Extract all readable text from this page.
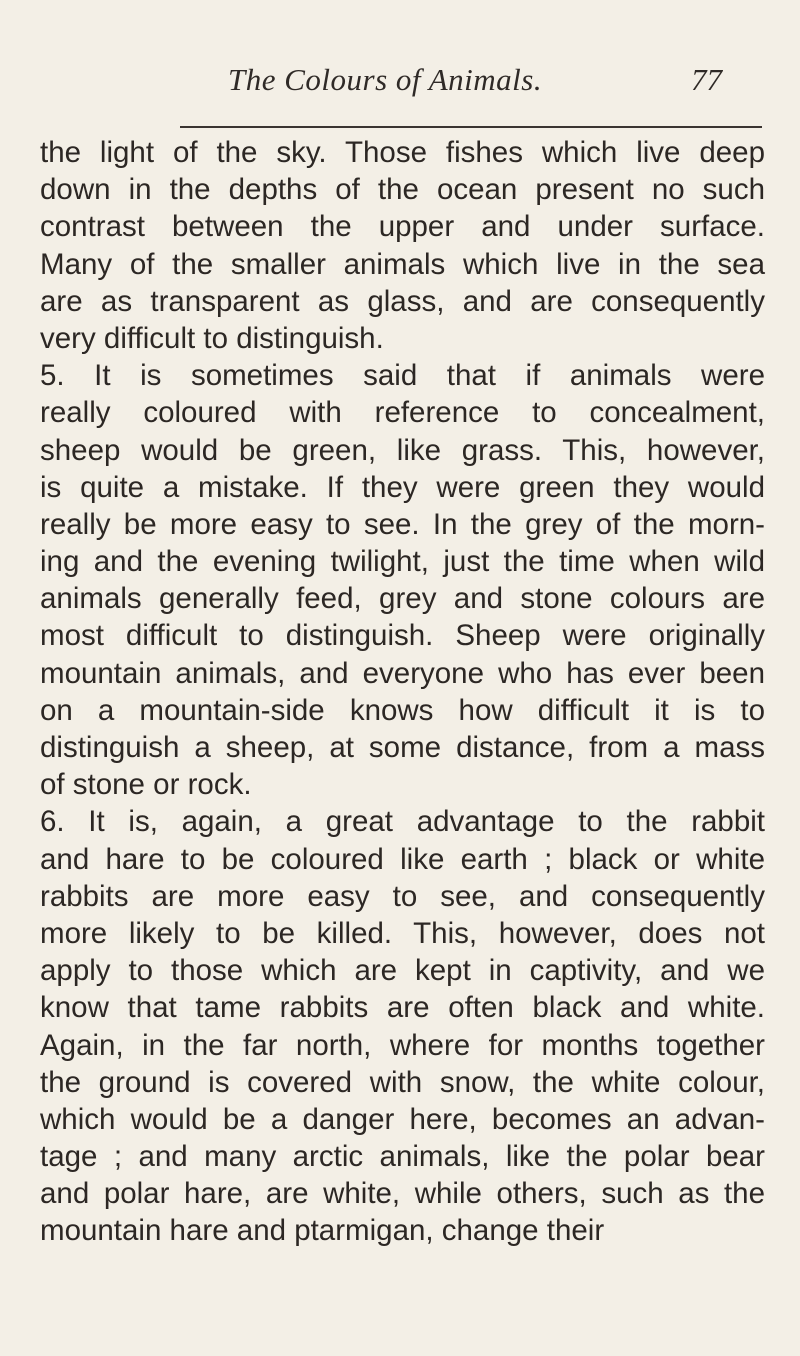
The Colours of Animals.	77
the light of the sky. Those fishes which live deep
down in the depths of the ocean present no such
contrast between the upper and under surface.
Many of the smaller animals which live in the sea
are as transparent as glass, and are consequently
very difficult to distinguish.
5. It is sometimes said that if animals were
really coloured with reference to concealment,
sheep would be green, like grass. This, however,
is quite a mistake. If they were green they would
really be more easy to see. In the grey of the morn-
ing and the evening twilight, just the time when wild
animals generally feed, grey and stone colours are
most difficult to distinguish. Sheep were originally
mountain animals, and everyone who has ever been
on a mountain-side knows how difficult it is to
distinguish a sheep, at some distance, from a mass
of stone or rock.
6. It is, again, a great advantage to the rabbit
and hare to be coloured like earth ; black or white
rabbits are more easy to see, and consequently
more likely to be killed. This, however, does not
apply to those which are kept in captivity, and we
know that tame rabbits are often black and white.
Again, in the far north, where for months together
the ground is covered with snow, the white colour,
which would be a danger here, becomes an advan-
tage ; and many arctic animals, like the polar bear
and polar hare, are white, while others, such as the
mountain hare and ptarmigan, change their
